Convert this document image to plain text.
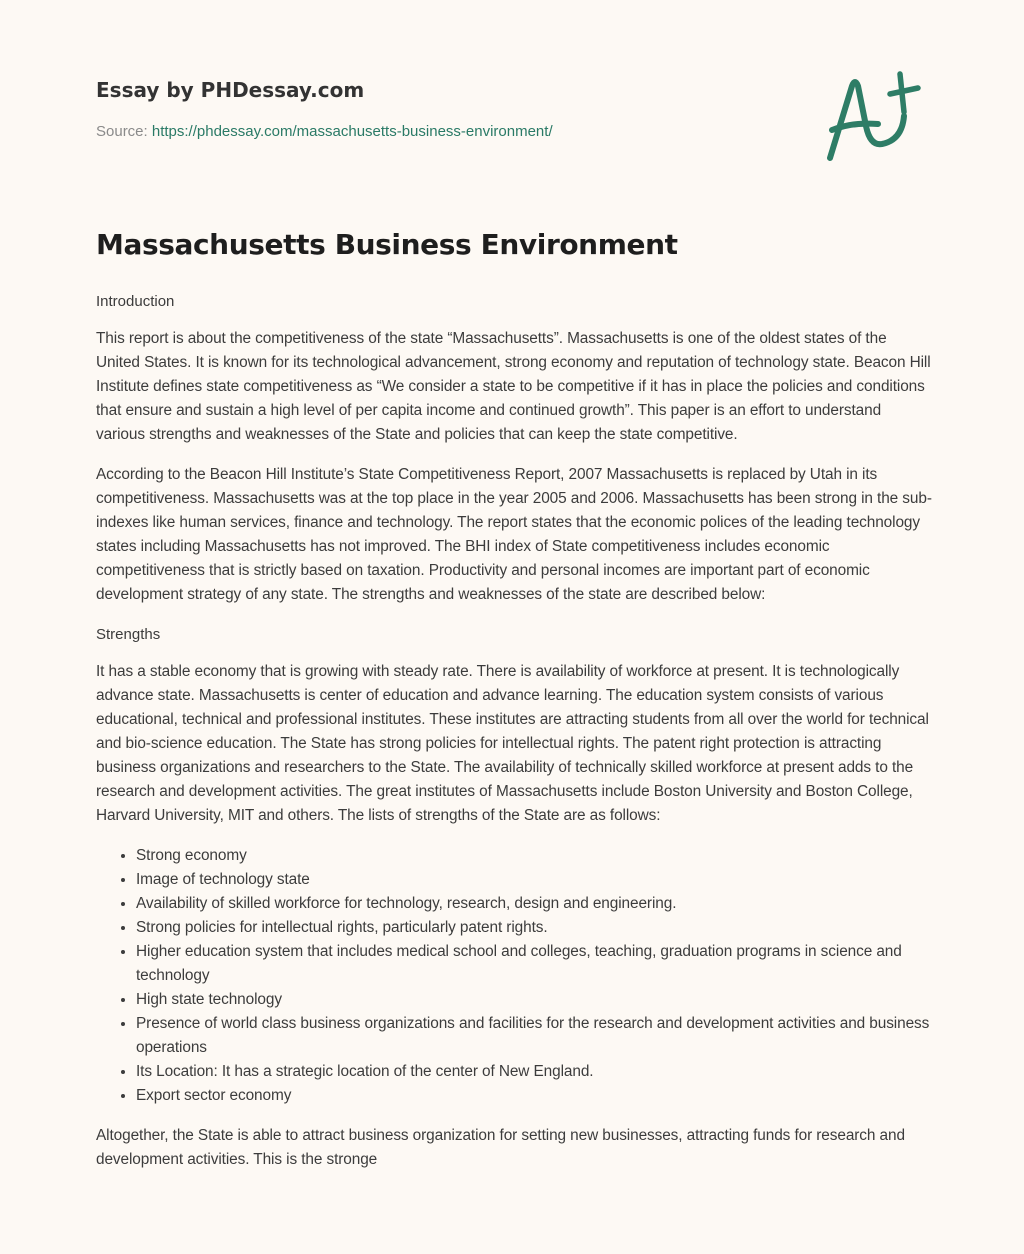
Essay by PHDessay.com
Source: https://phdessay.com/massachusetts-business-environment/
Massachusetts Business Environment
Introduction

This report is about the competitiveness of the state “Massachusetts”. Massachusetts is one of the oldest states of the United States. It is known for its technological advancement, strong economy and reputation of technology state. Beacon Hill Institute defines state competitiveness as “We consider a state to be competitive if it has in place the policies and conditions that ensure and sustain a high level of per capita income and continued growth”. This paper is an effort to understand various strengths and weaknesses of the State and policies that can keep the state competitive.

According to the Beacon Hill Institute’s State Competitiveness Report, 2007 Massachusetts is replaced by Utah in its competitiveness. Massachusetts was at the top place in the year 2005 and 2006. Massachusetts has been strong in the sub-indexes like human services, finance and technology. The report states that the economic polices of the leading technology states including Massachusetts has not improved. The BHI index of State competitiveness includes economic competitiveness that is strictly based on taxation. Productivity and personal incomes are important part of economic development strategy of any state. The strengths and weaknesses of the state are described below:

Strengths

It has a stable economy that is growing with steady rate. There is availability of workforce at present. It is technologically advance state. Massachusetts is center of education and advance learning. The education system consists of various educational, technical and professional institutes. These institutes are attracting students from all over the world for technical and bio-science education. The State has strong policies for intellectual rights. The patent right protection is attracting business organizations and researchers to the State. The availability of technically skilled workforce at present adds to the research and development activities. The great institutes of Massachusetts include Boston University and Boston College, Harvard University, MIT and others. The lists of strengths of the State are as follows:

• Strong economy
• Image of technology state
• Availability of skilled workforce for technology, research, design and engineering.
• Strong policies for intellectual rights, particularly patent rights.
• Higher education system that includes medical school and colleges, teaching, graduation programs in science and technology
• High state technology
• Presence of world class business organizations and facilities for the research and development activities and business operations
• Its Location: It has a strategic location of the center of New England.
• Export sector economy

Altogether, the State is able to attract business organization for setting new businesses, attracting funds for research and development activities. This is the stronge
